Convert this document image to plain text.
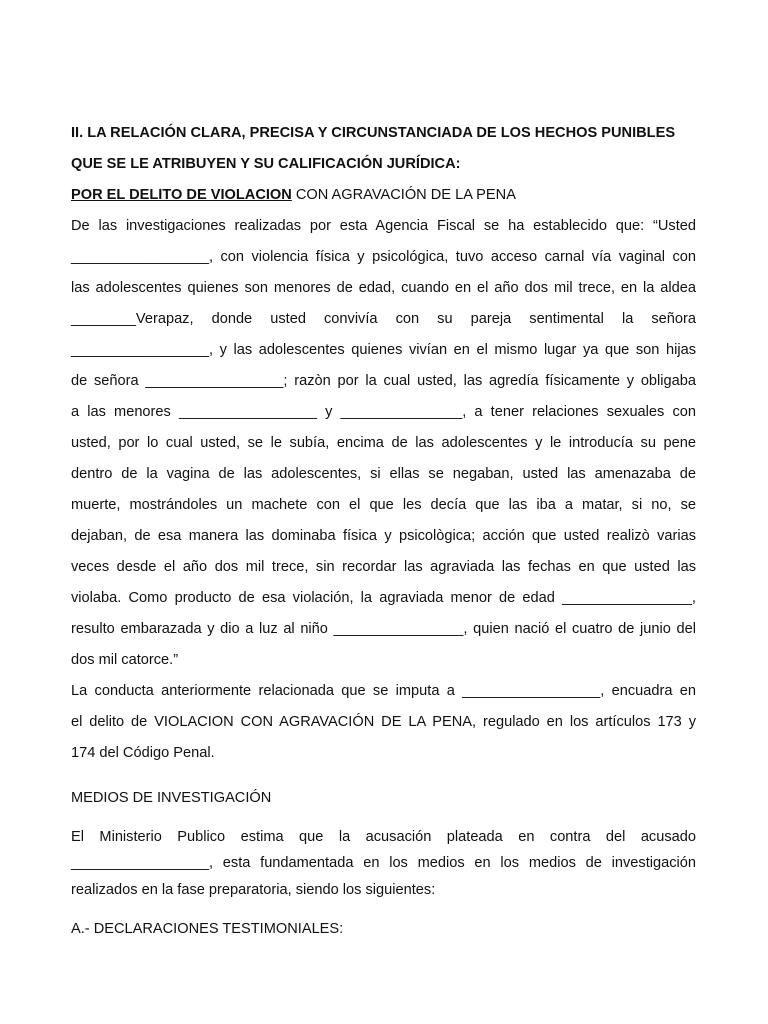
II. LA RELACIÓN CLARA, PRECISA Y CIRCUNSTANCIADA DE LOS HECHOS PUNIBLES

QUE SE LE ATRIBUYEN Y SU CALIFICACIÓN JURÍDICA:

POR EL DELITO DE VIOLACION CON AGRAVACIÓN DE LA PENA

De las investigaciones realizadas por esta Agencia Fiscal se ha establecido que: “Usted

_________________, con violencia física y psicológica, tuvo acceso carnal vía vaginal con

las adolescentes quienes son menores de edad, cuando en el año dos mil trece, en la aldea

________Verapaz, donde usted convivía con su pareja sentimental la señora

_________________, y las adolescentes quienes vivían en el mismo lugar ya que son hijas

de señora _________________; razòn por la cual usted, las agredía físicamente y obligaba

a las menores _________________ y _______________, a tener relaciones sexuales con

usted, por lo cual usted, se le subía, encima de las adolescentes y le introducía su pene

dentro de la vagina de las adolescentes, si ellas se negaban, usted las amenazaba de

muerte, mostrándoles un machete con el que les decía que las iba a matar, si no, se

dejaban, de esa manera las dominaba física y psicològica; acción que usted realizò varias

veces desde el año dos mil trece, sin recordar las agraviada las fechas en que usted las

violaba. Como producto de esa violación, la agraviada menor de edad ________________,

resulto embarazada y dio a luz al niño ________________, quien nació el cuatro de junio del

dos mil catorce.”

La conducta anteriormente relacionada que se imputa a _________________, encuadra en

el delito de VIOLACION CON AGRAVACIÓN DE LA PENA, regulado en los artículos 173 y

174 del Código Penal.

MEDIOS DE INVESTIGACIÓN

El Ministerio Publico estima que la acusación plateada en contra del acusado

_________________, esta fundamentada en los medios en los medios de investigación

realizados en la fase preparatoria, siendo los siguientes:

A.- DECLARACIONES TESTIMONIALES:
